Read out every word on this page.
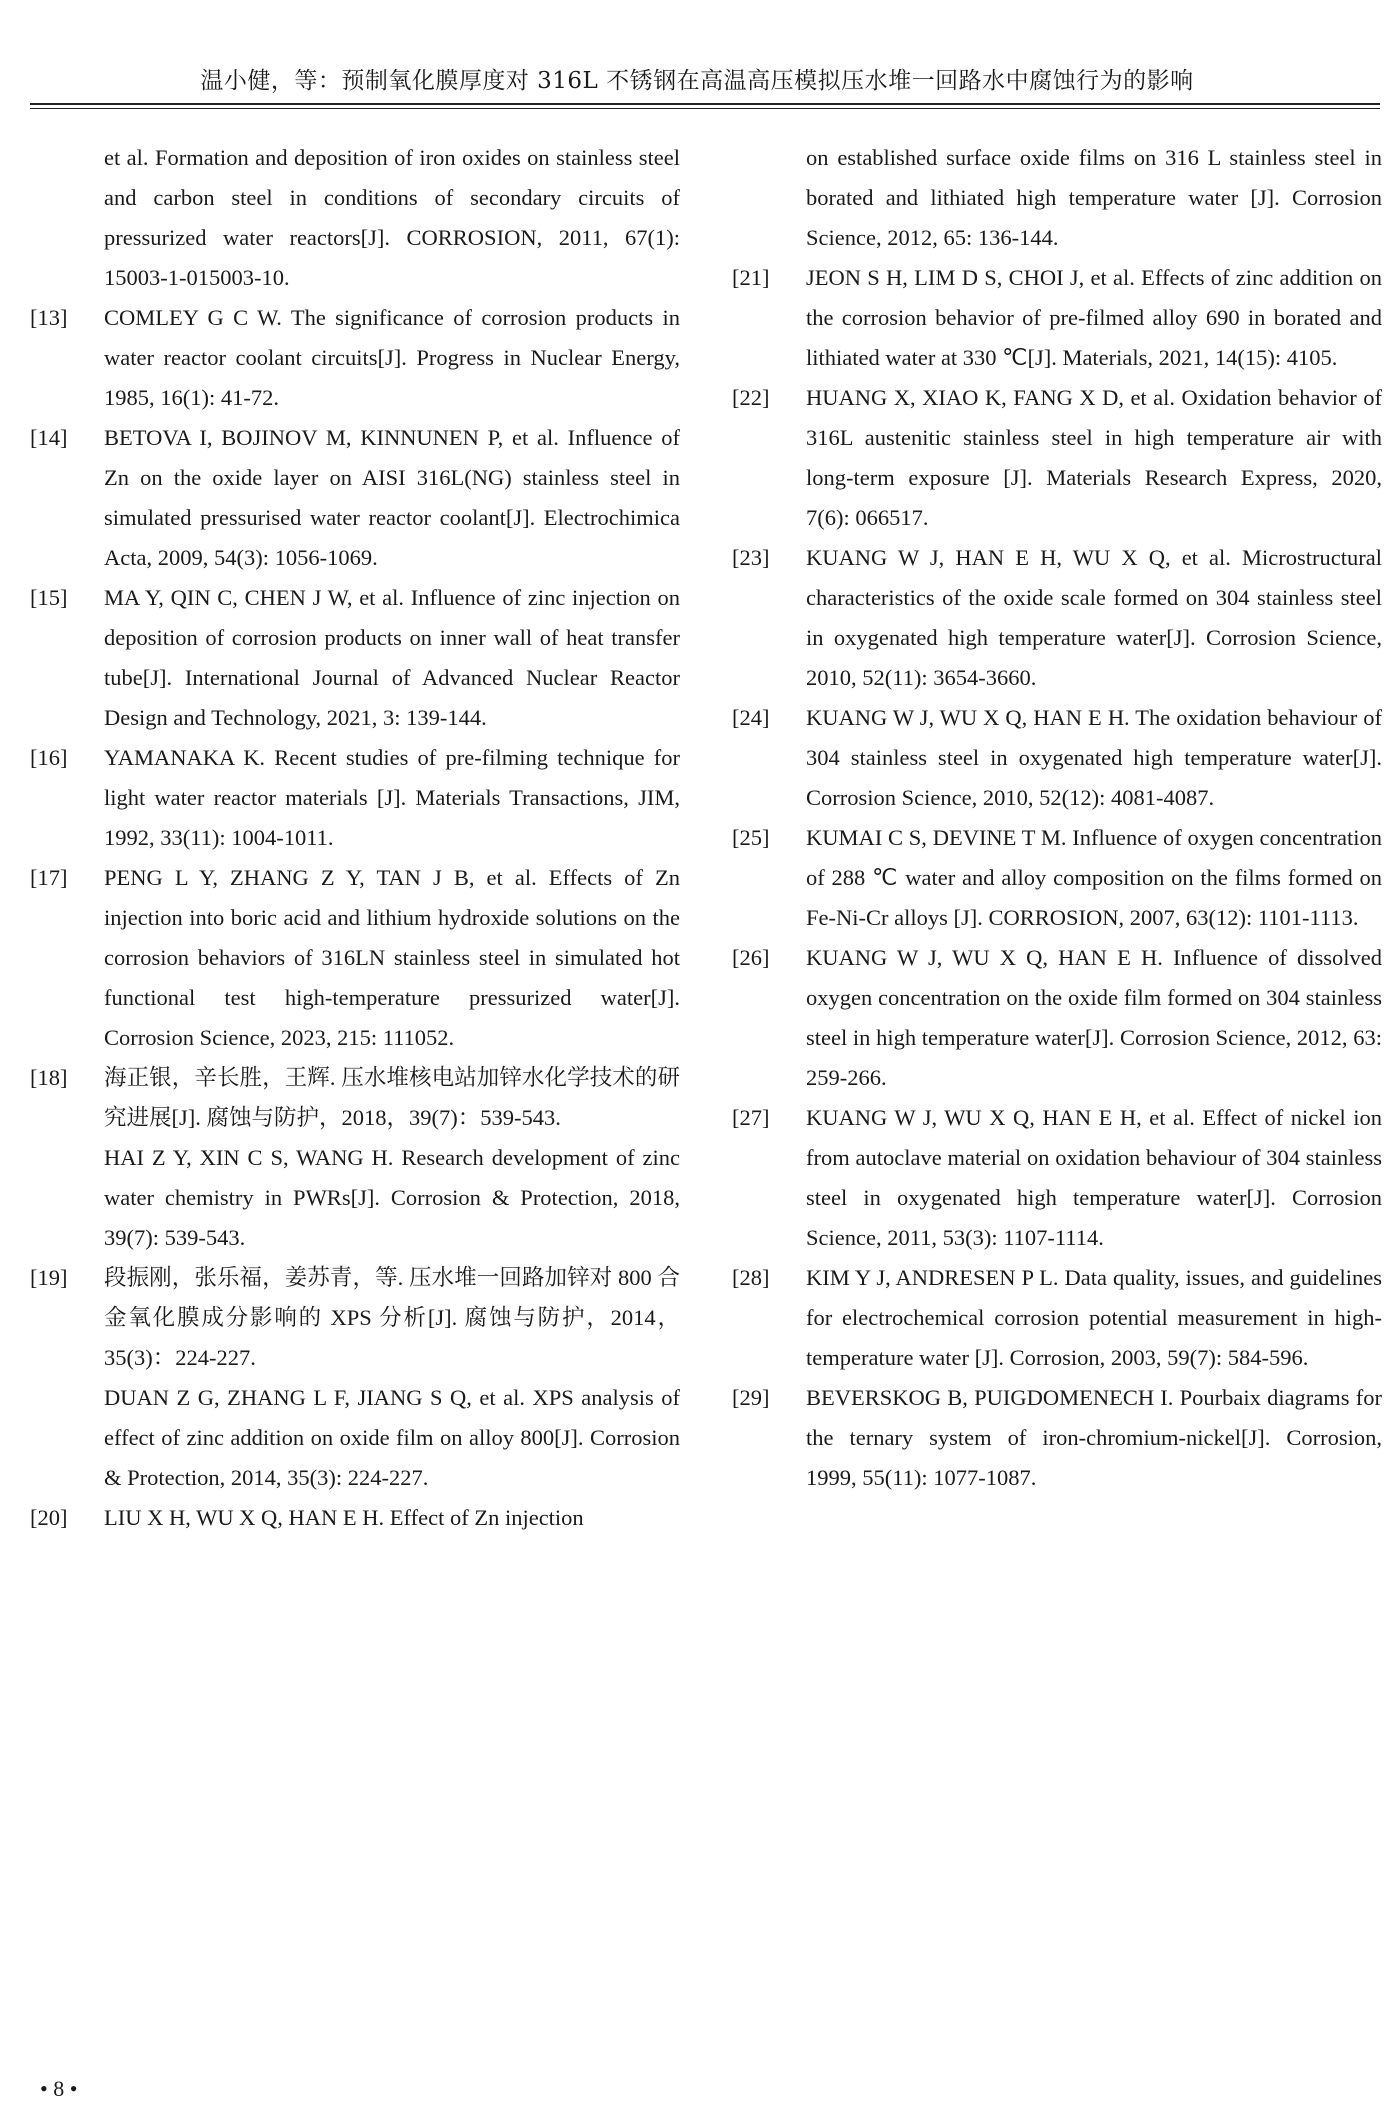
温小健，等：预制氧化膜厚度对 316L 不锈钢在高温高压模拟压水堆一回路水中腐蚀行为的影响

et al. Formation and deposition of iron oxides on stainless steel and carbon steel in conditions of secondary circuits of pressurized water reactors[J]. CORROSION, 2011, 67(1): 15003-1-015003-10.

[13]	COMLEY G C W. The significance of corrosion products in water reactor coolant circuits[J]. Progress in Nuclear Energy, 1985, 16(1): 41-72.

[14]	BETOVA I, BOJINOV M, KINNUNEN P, et al. Influence of Zn on the oxide layer on AISI 316L(NG) stainless steel in simulated pressurised water reactor coolant[J]. Electrochimica Acta, 2009, 54(3): 1056-1069.

[15]	MA Y, QIN C, CHEN J W, et al. Influence of zinc injection on deposition of corrosion products on inner wall of heat transfer tube[J]. International Journal of Advanced Nuclear Reactor Design and Technology, 2021, 3: 139-144.

[16]	YAMANAKA K. Recent studies of pre-filming technique for light water reactor materials [J]. Materials Transactions, JIM, 1992, 33(11): 1004-1011.

[17]	PENG L Y, ZHANG Z Y, TAN J B, et al. Effects of Zn injection into boric acid and lithium hydroxide solutions on the corrosion behaviors of 316LN stainless steel in simulated hot functional test high-temperature pressurized water[J]. Corrosion Science, 2023, 215: 111052.

[18]	海正银，辛长胜，王辉. 压水堆核电站加锌水化学技术的研究进展[J]. 腐蚀与防护，2018，39(7)：539-543.

HAI Z Y, XIN C S, WANG H. Research development of zinc water chemistry in PWRs[J]. Corrosion & Protection, 2018, 39(7): 539-543.

[19]	段振刚，张乐福，姜苏青，等. 压水堆一回路加锌对 800 合金氧化膜成分影响的 XPS 分析[J]. 腐蚀与防护，2014，35(3)：224-227.

DUAN Z G, ZHANG L F, JIANG S Q, et al. XPS analysis of effect of zinc addition on oxide film on alloy 800[J]. Corrosion & Protection, 2014, 35(3): 224-227.

[20]	LIU X H, WU X Q, HAN E H. Effect of Zn injection

on established surface oxide films on 316 L stainless steel in borated and lithiated high temperature water [J]. Corrosion Science, 2012, 65: 136-144.

[21]	JEON S H, LIM D S, CHOI J, et al. Effects of zinc addition on the corrosion behavior of pre-filmed alloy 690 in borated and lithiated water at 330 ℃[J]. Materials, 2021, 14(15): 4105.

[22]	HUANG X, XIAO K, FANG X D, et al. Oxidation behavior of 316L austenitic stainless steel in high temperature air with long-term exposure [J]. Materials Research Express, 2020, 7(6): 066517.

[23]	KUANG W J, HAN E H, WU X Q, et al. Microstructural characteristics of the oxide scale formed on 304 stainless steel in oxygenated high temperature water[J]. Corrosion Science, 2010, 52(11): 3654-3660.

[24]	KUANG W J, WU X Q, HAN E H. The oxidation behaviour of 304 stainless steel in oxygenated high temperature water[J]. Corrosion Science, 2010, 52(12): 4081-4087.

[25]	KUMAI C S, DEVINE T M. Influence of oxygen concentration of 288 ℃ water and alloy composition on the films formed on Fe-Ni-Cr alloys [J]. CORROSION, 2007, 63(12): 1101-1113.

[26]	KUANG W J, WU X Q, HAN E H. Influence of dissolved oxygen concentration on the oxide film formed on 304 stainless steel in high temperature water[J]. Corrosion Science, 2012, 63: 259-266.

[27]	KUANG W J, WU X Q, HAN E H, et al. Effect of nickel ion from autoclave material on oxidation behaviour of 304 stainless steel in oxygenated high temperature water[J]. Corrosion Science, 2011, 53(3): 1107-1114.

[28]	KIM Y J, ANDRESEN P L. Data quality, issues, and guidelines for electrochemical corrosion potential measurement in high-temperature water [J]. Corrosion, 2003, 59(7): 584-596.

[29]	BEVERSKOG B, PUIGDOMENECH I. Pourbaix diagrams for the ternary system of iron-chromium-nickel[J]. Corrosion, 1999, 55(11): 1077-1087.

• 8 •
